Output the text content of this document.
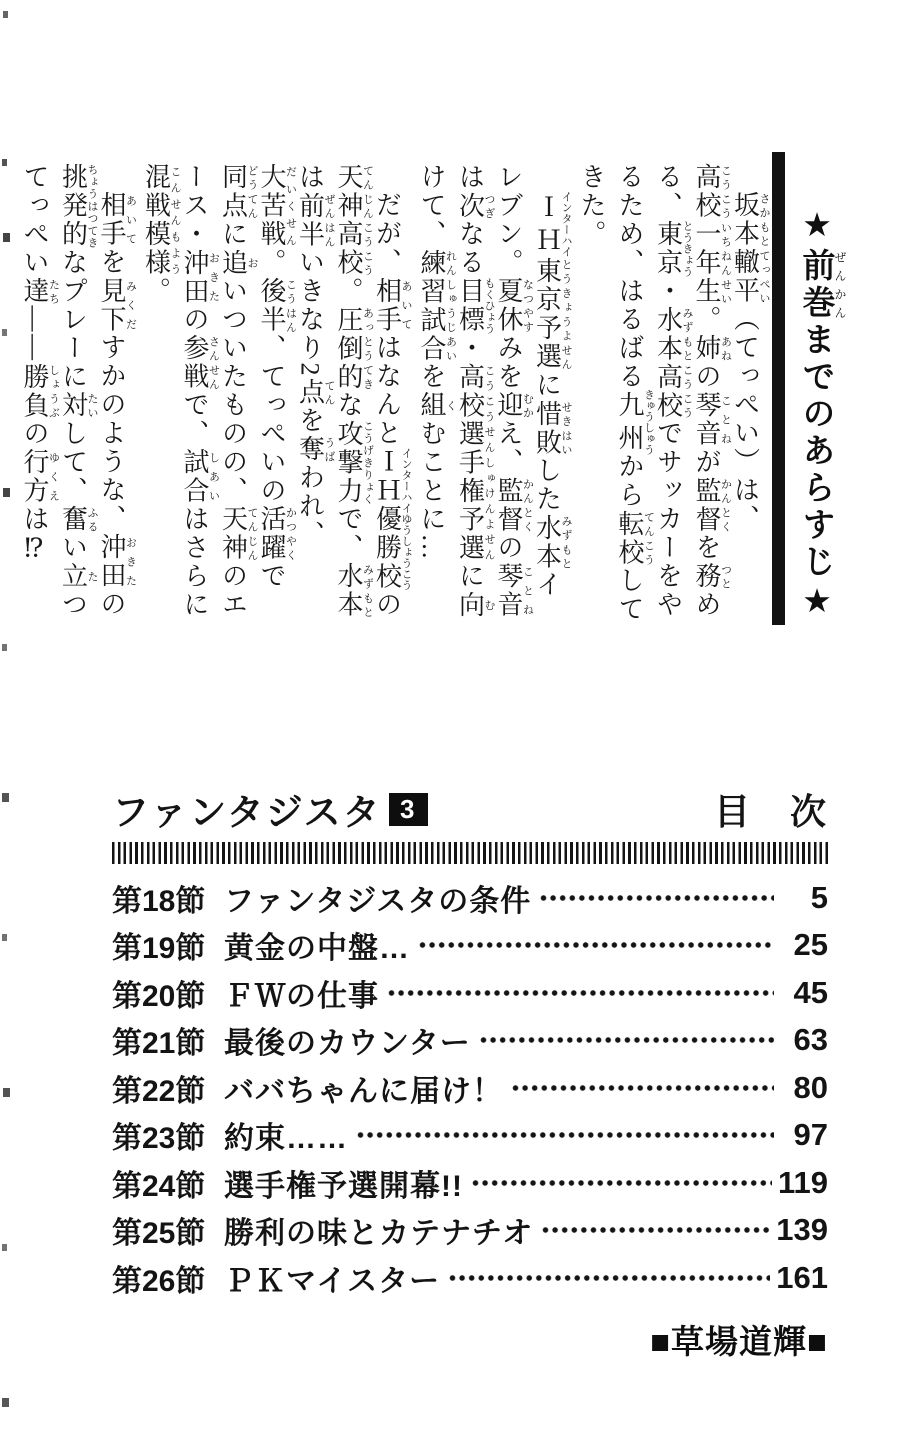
★前巻ぜんかんまでのあらすじ★

坂本轍平さかもとてっぺい（てっぺい）は、高校一年こうこういちねん生せい。姉あねの琴音ことねが監督かんとくを務つとめる、東京とうきょう・水本高校みずもとこうこうでサッカーをやるため、はるばる九州きゅうしゅうから転校てんこうしてきた。

ＩＨインターハイ東京予選とうきょうよせんに惜敗せきはいした水本みずもとイレブン。夏休なつやすみを迎むかえ、監督かんとくの琴音ことねは次つぎなる目標もくひょう・高校選手権予選こうこうせんしゅけんよせんに向むけて、練習試合れんしゅうじあいを組くむことに…

だが、相手あいてはなんとＩＨ優勝校インターハイゆうしょうこうの天神高校てんじんこうこう。圧倒的あっとうてきな攻撃力こうげきりょくで、水本みずもとは前半ぜんはんいきなり2点てんを奪うばわれ、大苦戦だいくせん。後半こうはん、てっぺいの活躍かつやくで同点どうてんに追おいついたものの、天神てんじんのエース・沖田おきたの参戦さんせんで、試合しあいはさらに混戦模様こんせんもよう。

相手あいてを見下みくだすかのような、沖田おきたの挑発的ちょうはつてきなプレーに対たいして、奮ふるい立たつてっぺい達たち――勝負しょうぶの行方ゆくえは⁉

ファンタジスタ 3	目　次
第18節 ファンタジスタの条件	5
第19節 黄金の中盤…	25
第20節 ＦＷの仕事	45
第21節 最後のカウンター	63
第22節 ババちゃんに届け！	80
第23節 約束……	97
第24節 選手権予選開幕!!	119
第25節 勝利の味とカテナチオ	139
第26節 ＰＫマイスター	161
■草場道輝■
